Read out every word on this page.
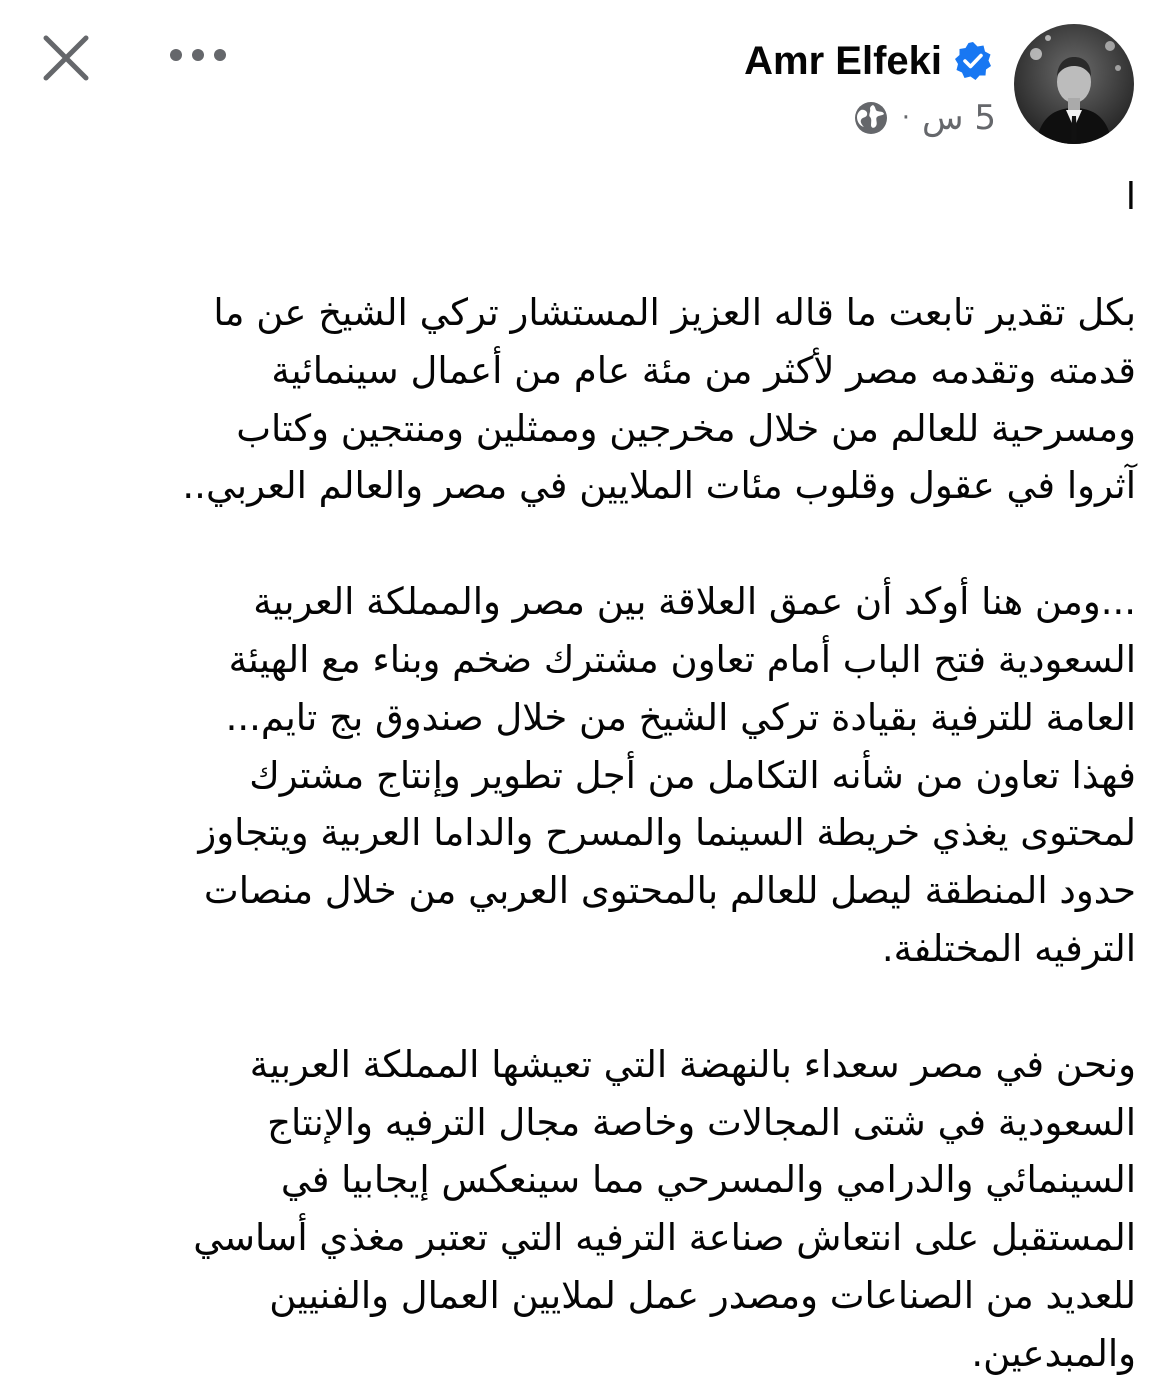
Amr Elfeki
5 س
·

ا

بكل تقدير تابعت ما قاله العزيز المستشار تركي الشيخ عن ما
قدمته وتقدمه مصر لأكثر من مئة عام من أعمال سينمائية
ومسرحية للعالم من خلال مخرجين وممثلين ومنتجين وكتاب
آثروا في عقول وقلوب مئات الملايين في مصر والعالم العربي..

...ومن هنا أوكد أن عمق العلاقة بين مصر والمملكة العربية
السعودية فتح الباب أمام تعاون مشترك ضخم وبناء مع الهيئة
العامة للترفية بقيادة تركي الشيخ من خلال صندوق بج تايم...
فهذا تعاون من شأنه التكامل من أجل تطوير وإنتاج مشترك
لمحتوى يغذي خريطة السينما والمسرح والداما العربية ويتجاوز
حدود المنطقة ليصل للعالم بالمحتوى العربي من خلال منصات
الترفيه المختلفة.

ونحن في مصر سعداء بالنهضة التي تعيشها المملكة العربية
السعودية في شتى المجالات وخاصة مجال الترفيه والإنتاج
السينمائي والدرامي والمسرحي مما سينعكس إيجابيا في
المستقبل على انتعاش صناعة الترفيه التي تعتبر مغذي أساسي
للعديد من الصناعات ومصدر عمل لملايين العمال والفنيين
والمبدعين.
